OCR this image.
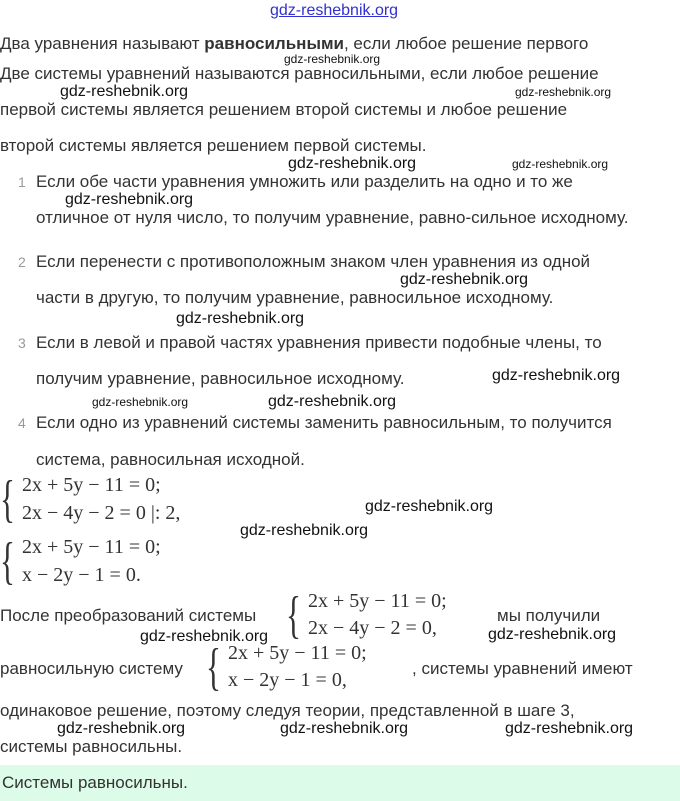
gdz-reshebnik.org
Два уравнения называют равносильными, если любое решение первого
Две системы уравнений называются равносильными, если любое решение
первой системы является решением второй системы и любое решение
второй системы является решением первой системы.
1 Если обе части уравнения умножить или разделить на одно и то же
отличное от нуля число, то получим уравнение, равно-сильное исходному.
2 Если перенести с противоположным знаком член уравнения из одной
части в другую, то получим уравнение, равносильное исходному.
3 Если в левой и правой частях уравнения привести подобные члены, то
получим уравнение, равносильное исходному.
4 Если одно из уравнений системы заменить равносильным, то получится
система, равносильная исходной.
{ 2x + 5y − 11 = 0;
2x − 4y − 2 = 0 |: 2,
{ 2x + 5y − 11 = 0;
x − 2y − 1 = 0.
После преобразований системы { 2x + 5y − 11 = 0;
2x − 4y − 2 = 0,
мы получили
равносильную систему { 2x + 5y − 11 = 0;
x − 2y − 1 = 0,
, системы уравнений имеют
одинаковое решение, поэтому следуя теории, представленной в шаге 3,
системы равносильны.
Системы равносильны.
gdz-reshebnik.org
gdz-reshebnik.org	gdz-reshebnik.org
gdz-reshebnik.org	gdz-reshebnik.org
gdz-reshebnik.org
gdz-reshebnik.org
gdz-reshebnik.org
gdz-reshebnik.org
gdz-reshebnik.org	gdz-reshebnik.org
gdz-reshebnik.org
gdz-reshebnik.org
gdz-reshebnik.org	gdz-reshebnik.org
gdz-reshebnik.org	gdz-reshebnik.org	gdz-reshebnik.org
